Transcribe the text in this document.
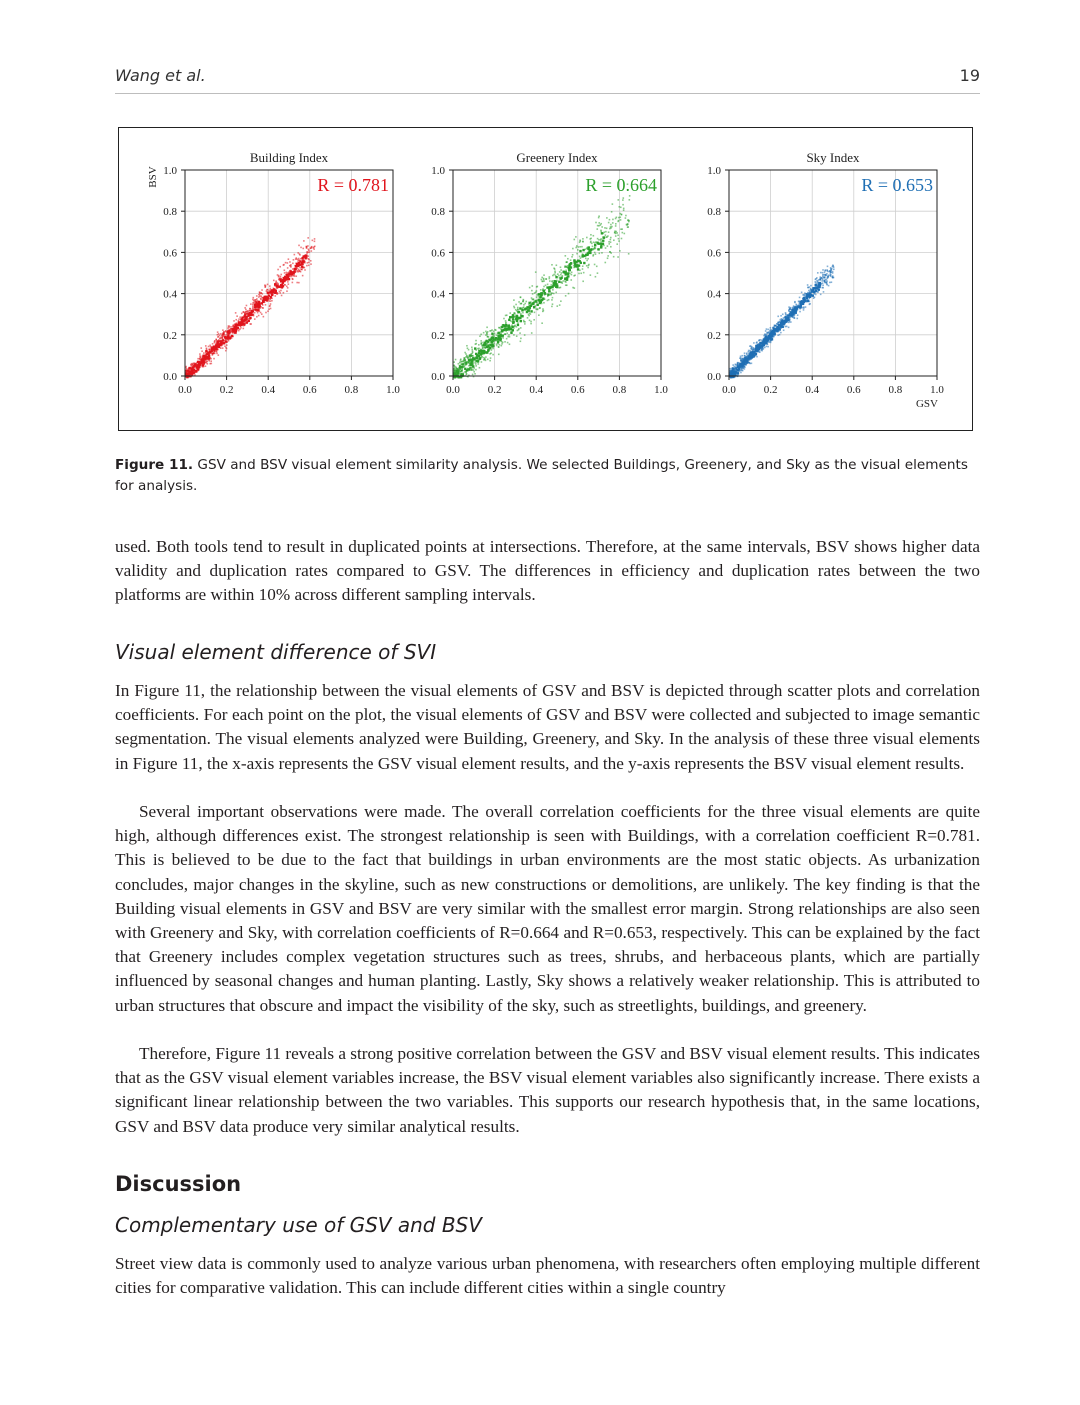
Wang et al.	19
0.0	0.2	0.4	0.6	0.8	1.0
0.0
0.2
0.4
0.6
0.8
1.0
Building Index
R = 0.781
BSV
0.0	0.2	0.4	0.6	0.8	1.0
0.0
0.2
0.4
0.6
0.8
1.0
Greenery Index
R = 0.664
0.0	0.2	0.4	0.6	0.8	1.0
0.0
0.2
0.4
0.6
0.8
1.0
Sky Index
R = 0.653
GSV
Figure 11. GSV and BSV visual element similarity analysis. We selected Buildings, Greenery, and Sky as the visual elements for analysis.

used. Both tools tend to result in duplicated points at intersections. Therefore, at the same intervals, BSV shows higher data validity and duplication rates compared to GSV. The differences in efficiency and duplication rates between the two platforms are within 10% across different sampling intervals.

Visual element difference of SVI

In Figure 11, the relationship between the visual elements of GSV and BSV is depicted through scatter plots and correlation coefficients. For each point on the plot, the visual elements of GSV and BSV were collected and subjected to image semantic segmentation. The visual elements analyzed were Building, Greenery, and Sky. In the analysis of these three visual elements in Figure 11, the x-axis represents the GSV visual element results, and the y-axis represents the BSV visual element results.

Several important observations were made. The overall correlation coefficients for the three visual elements are quite high, although differences exist. The strongest relationship is seen with Buildings, with a correlation coefficient R=0.781. This is believed to be due to the fact that buildings in urban environments are the most static objects. As urbanization concludes, major changes in the skyline, such as new constructions or demolitions, are unlikely. The key finding is that the Building visual elements in GSV and BSV are very similar with the smallest error margin. Strong relationships are also seen with Greenery and Sky, with correlation coefficients of R=0.664 and R=0.653, respectively. This can be explained by the fact that Greenery includes complex vegetation structures such as trees, shrubs, and herbaceous plants, which are partially influenced by seasonal changes and human planting. Lastly, Sky shows a relatively weaker relationship. This is attributed to urban structures that obscure and impact the visibility of the sky, such as streetlights, buildings, and greenery.

Therefore, Figure 11 reveals a strong positive correlation between the GSV and BSV visual element results. This indicates that as the GSV visual element variables increase, the BSV visual element variables also significantly increase. There exists a significant linear relationship between the two variables. This supports our research hypothesis that, in the same locations, GSV and BSV data produce very similar analytical results.

Discussion
Complementary use of GSV and BSV

Street view data is commonly used to analyze various urban phenomena, with researchers often employing multiple different cities for comparative validation. This can include different cities within a single country
